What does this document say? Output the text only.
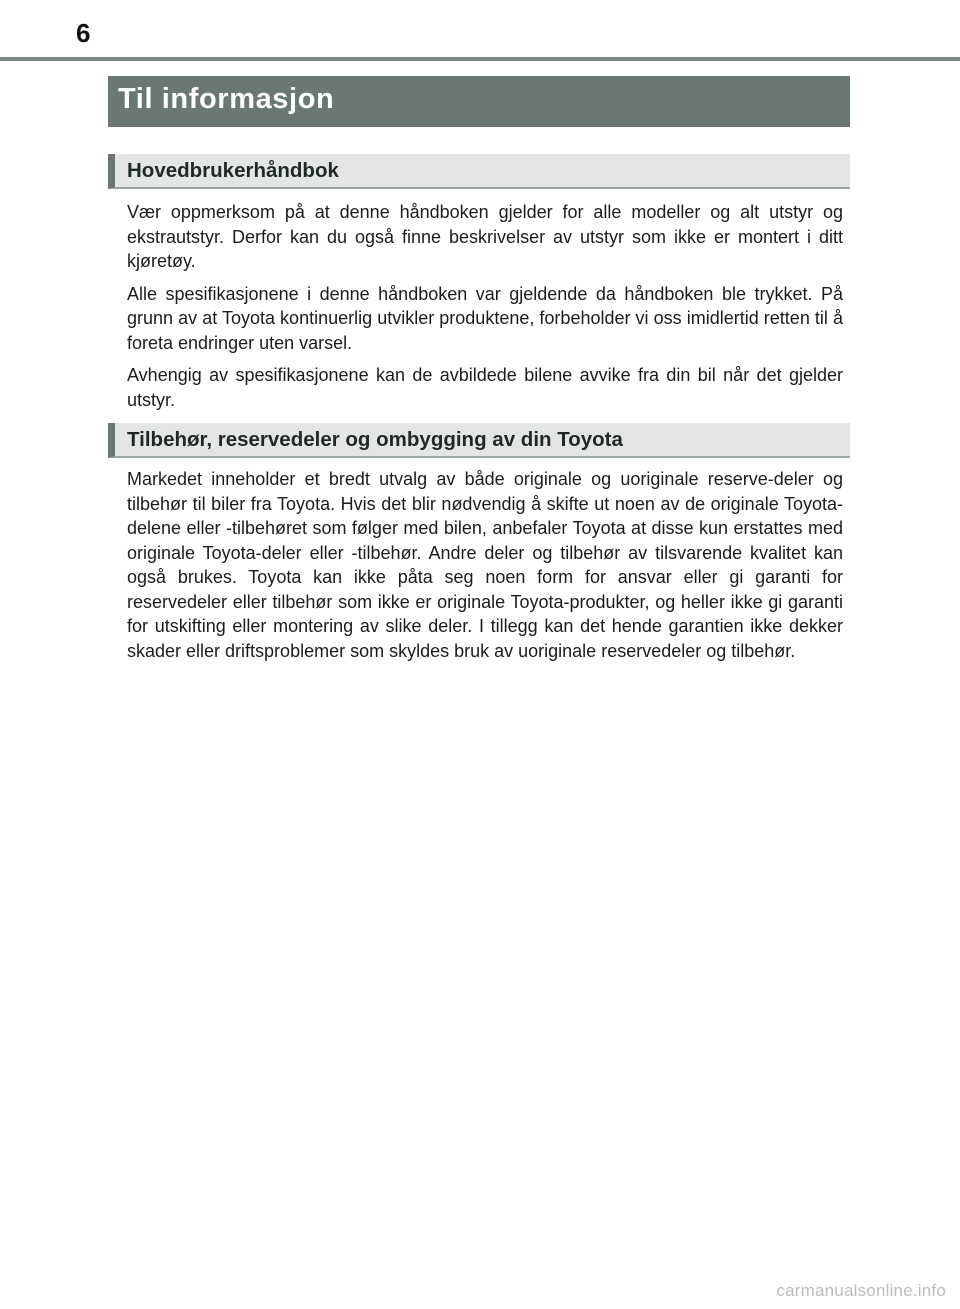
6
Til informasjon
Hovedbrukerhåndbok

Vær oppmerksom på at denne håndboken gjelder for alle modeller og alt utstyr og ekstrautstyr. Derfor kan du også finne beskrivelser av utstyr som ikke er montert i ditt kjøretøy.

Alle spesifikasjonene i denne håndboken var gjeldende da håndboken ble trykket. På grunn av at Toyota kontinuerlig utvikler produktene, forbeholder vi oss imidlertid retten til å foreta endringer uten varsel.

Avhengig av spesifikasjonene kan de avbildede bilene avvike fra din bil når det gjelder utstyr.

Tilbehør, reservedeler og ombygging av din Toyota

Markedet inneholder et bredt utvalg av både originale og uoriginale reserve-deler og tilbehør til biler fra Toyota. Hvis det blir nødvendig å skifte ut noen av de originale Toyota-delene eller -tilbehøret som følger med bilen, anbefaler Toyota at disse kun erstattes med originale Toyota-deler eller -tilbehør. Andre deler og tilbehør av tilsvarende kvalitet kan også brukes. Toyota kan ikke påta seg noen form for ansvar eller gi garanti for reservedeler eller tilbehør som ikke er originale Toyota-produkter, og heller ikke gi garanti for utskifting eller montering av slike deler. I tillegg kan det hende garantien ikke dekker skader eller driftsproblemer som skyldes bruk av uoriginale reservedeler og tilbehør.

carmanualsonline.info
